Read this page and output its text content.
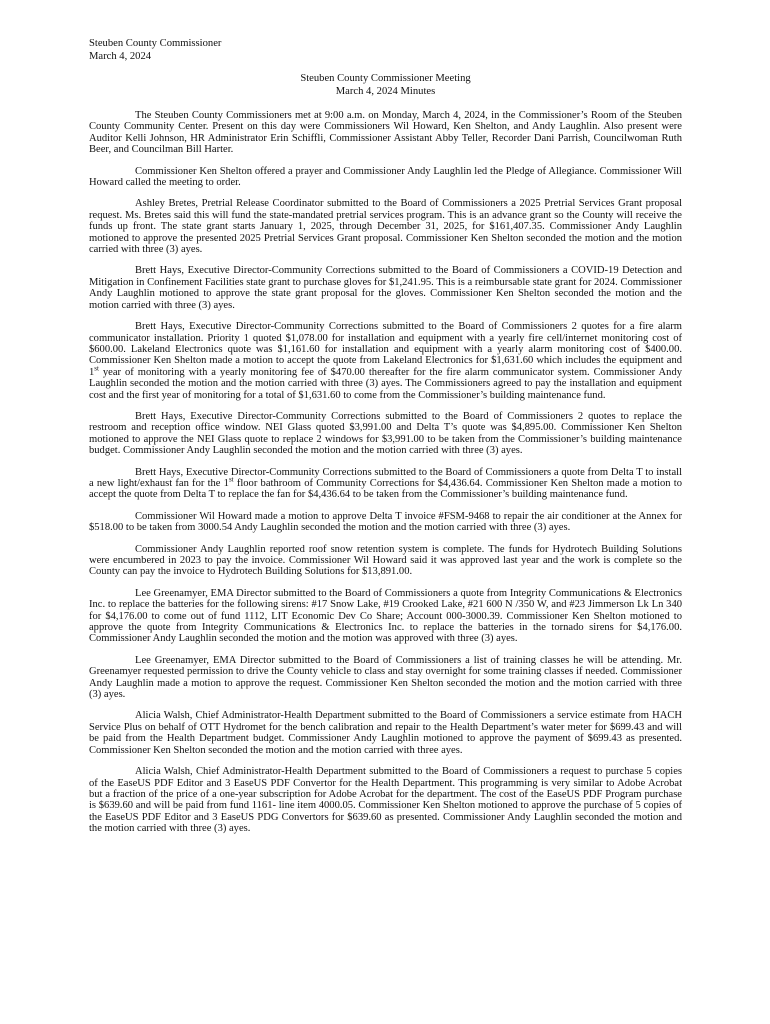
Steuben County Commissioner
March 4, 2024
Steuben County Commissioner Meeting
March 4, 2024 Minutes

The Steuben County Commissioners met at 9:00 a.m. on Monday, March 4, 2024, in the Commissioner’s Room of the Steuben County Community Center. Present on this day were Commissioners Wil Howard, Ken Shelton, and Andy Laughlin. Also present were Auditor Kelli Johnson, HR Administrator Erin Schiffli, Commissioner Assistant Abby Teller, Recorder Dani Parrish, Councilwoman Ruth Beer, and Councilman Bill Harter.

Commissioner Ken Shelton offered a prayer and Commissioner Andy Laughlin led the Pledge of Allegiance. Commissioner Will Howard called the meeting to order.

Ashley Bretes, Pretrial Release Coordinator submitted to the Board of Commissioners a 2025 Pretrial Services Grant proposal request. Ms. Bretes said this will fund the state-mandated pretrial services program. This is an advance grant so the County will receive the funds up front. The state grant starts January 1, 2025, through December 31, 2025, for $161,407.35. Commissioner Andy Laughlin motioned to approve the presented 2025 Pretrial Services Grant proposal. Commissioner Ken Shelton seconded the motion and the motion carried with three (3) ayes.

Brett Hays, Executive Director-Community Corrections submitted to the Board of Commissioners a COVID-19 Detection and Mitigation in Confinement Facilities state grant to purchase gloves for $1,241.95. This is a reimbursable state grant for 2024. Commissioner Andy Laughlin motioned to approve the state grant proposal for the gloves. Commissioner Ken Shelton seconded the motion and the motion carried with three (3) ayes.

Brett Hays, Executive Director-Community Corrections submitted to the Board of Commissioners 2 quotes for a fire alarm communicator installation. Priority 1 quoted $1,078.00 for installation and equipment with a yearly fire cell/internet monitoring cost of $600.00. Lakeland Electronics quote was $1,161.60 for installation and equipment with a yearly alarm monitoring cost of $400.00. Commissioner Ken Shelton made a motion to accept the quote from Lakeland Electronics for $1,631.60 which includes the equipment and 1st year of monitoring with a yearly monitoring fee of $470.00 thereafter for the fire alarm communicator system. Commissioner Andy Laughlin seconded the motion and the motion carried with three (3) ayes. The Commissioners agreed to pay the installation and equipment cost and the first year of monitoring for a total of $1,631.60 to come from the Commissioner’s building maintenance fund.

Brett Hays, Executive Director-Community Corrections submitted to the Board of Commissioners 2 quotes to replace the restroom and reception office window. NEI Glass quoted $3,991.00 and Delta T’s quote was $4,895.00. Commissioner Ken Shelton motioned to approve the NEI Glass quote to replace 2 windows for $3,991.00 to be taken from the Commissioner’s building maintenance budget. Commissioner Andy Laughlin seconded the motion and the motion carried with three (3) ayes.

Brett Hays, Executive Director-Community Corrections submitted to the Board of Commissioners a quote from Delta T to install a new light/exhaust fan for the 1st floor bathroom of Community Corrections for $4,436.64. Commissioner Ken Shelton made a motion to accept the quote from Delta T to replace the fan for $4,436.64 to be taken from the Commissioner’s building maintenance fund.

Commissioner Wil Howard made a motion to approve Delta T invoice #FSM-9468 to repair the air conditioner at the Annex for $518.00 to be taken from 3000.54 Andy Laughlin seconded the motion and the motion carried with three (3) ayes.

Commissioner Andy Laughlin reported roof snow retention system is complete. The funds for Hydrotech Building Solutions were encumbered in 2023 to pay the invoice. Commissioner Wil Howard said it was approved last year and the work is complete so the County can pay the invoice to Hydrotech Building Solutions for $13,891.00.

Lee Greenamyer, EMA Director submitted to the Board of Commissioners a quote from Integrity Communications & Electronics Inc. to replace the batteries for the following sirens: #17 Snow Lake, #19 Crooked Lake, #21 600 N /350 W, and #23 Jimmerson Lk Ln 340 for $4,176.00 to come out of fund 1112, LIT Economic Dev Co Share; Account 000-3000.39. Commissioner Ken Shelton motioned to approve the quote from Integrity Communications & Electronics Inc. to replace the batteries in the tornado sirens for $4,176.00. Commissioner Andy Laughlin seconded the motion and the motion was approved with three (3) ayes.

Lee Greenamyer, EMA Director submitted to the Board of Commissioners a list of training classes he will be attending. Mr. Greenamyer requested permission to drive the County vehicle to class and stay overnight for some training classes if needed. Commissioner Andy Laughlin made a motion to approve the request. Commissioner Ken Shelton seconded the motion and the motion carried with three (3) ayes.

Alicia Walsh, Chief Administrator-Health Department submitted to the Board of Commissioners a service estimate from HACH Service Plus on behalf of OTT Hydromet for the bench calibration and repair to the Health Department’s water meter for $699.43 and will be paid from the Health Department budget. Commissioner Andy Laughlin motioned to approve the payment of $699.43 as presented. Commissioner Ken Shelton seconded the motion and the motion carried with three ayes.

Alicia Walsh, Chief Administrator-Health Department submitted to the Board of Commissioners a request to purchase 5 copies of the EaseUS PDF Editor and 3 EaseUS PDF Convertor for the Health Department. This programming is very similar to Adobe Acrobat but a fraction of the price of a one-year subscription for Adobe Acrobat for the department. The cost of the EaseUS PDF Program purchase is $639.60 and will be paid from fund 1161- line item 4000.05. Commissioner Ken Shelton motioned to approve the purchase of 5 copies of the EaseUS PDF Editor and 3 EaseUS PDG Convertors for $639.60 as presented. Commissioner Andy Laughlin seconded the motion and the motion carried with three (3) ayes.
